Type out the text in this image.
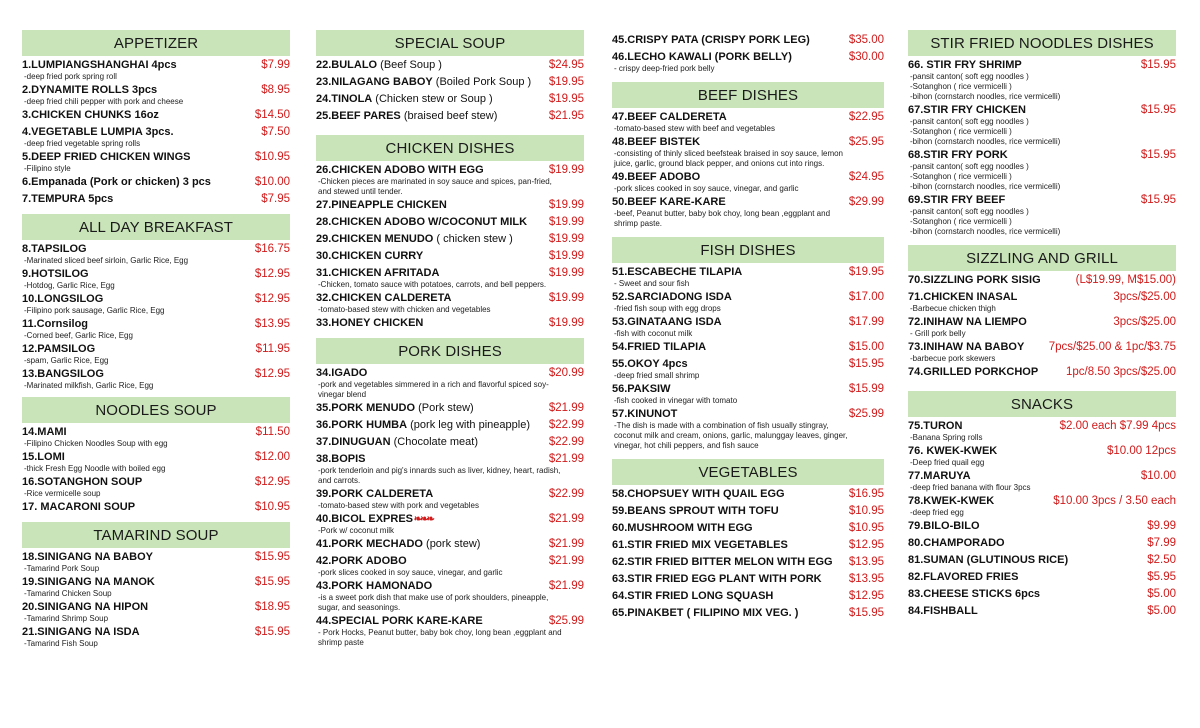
APPETIZER
1.LUMPIANGSHANGHAI 4pcs	$7.99
-deep fried pork spring roll
2.DYNAMITE ROLLS 3pcs	$8.95
-deep fried chili pepper with pork and cheese
3.CHICKEN CHUNKS 16oz	$14.50
4.VEGETABLE LUMPIA 3pcs.	$7.50
-deep fried vegetable spring rolls
5.DEEP FRIED CHICKEN WINGS	$10.95
-Filipino style
6.Empanada (Pork or chicken) 3 pcs	$10.00
7.TEMPURA 5pcs	$7.95
ALL DAY BREAKFAST
8.TAPSILOG	$16.75
-Marinated sliced beef sirloin, Garlic Rice, Egg
9.HOTSILOG	$12.95
-Hotdog, Garlic Rice, Egg
10.LONGSILOG	$12.95
-Filipino pork sausage, Garlic Rice, Egg
11.Cornsilog	$13.95
-Corned beef, Garlic Rice, Egg
12.PAMSILOG	$11.95
-spam, Garlic Rice, Egg
13.BANGSILOG	$12.95
-Marinated milkfish, Garlic Rice, Egg
NOODLES SOUP
14.MAMI	$11.50
-Filipino Chicken Noodles Soup with egg
15.LOMI	$12.00
-thick Fresh Egg Noodle with boiled egg
16.SOTANGHON SOUP	$12.95
-Rice vermicelle soup
17. MACARONI SOUP	$10.95
TAMARIND SOUP
18.SINIGANG NA BABOY	$15.95
-Tamarind Pork Soup
19.SINIGANG NA MANOK	$15.95
-Tamarind Chicken Soup
20.SINIGANG NA HIPON	$18.95
-Tamarind Shrimp Soup
21.SINIGANG NA ISDA	$15.95
-Tamarind Fish Soup
SPECIAL SOUP
22.BULALO (Beef Soup )	$24.95
23.NILAGANG BABOY (Boiled Pork Soup ) $19.95
24.TINOLA (Chicken stew or Soup )	$19.95
25.BEEF PARES (braised beef stew)	$21.95
CHICKEN DISHES
26.CHICKEN ADOBO WITH EGG	$19.99
-Chicken pieces are marinated in soy sauce and spices, pan-fried,
and stewed until tender.
27.PINEAPPLE CHICKEN	$19.99
28.CHICKEN ADOBO W/COCONUT MILK $19.99
29.CHICKEN MENUDO ( chicken stew )	$19.99
30.CHICKEN CURRY	$19.99
31.CHICKEN AFRITADA	$19.99
-Chicken, tomato sauce with potatoes, carrots, and bell peppers.
32.CHICKEN CALDERETA	$19.99
-tomato-based stew with chicken and vegetables
33.HONEY CHICKEN	$19.99
PORK DISHES
34.IGADO	$20.99
-pork and vegetables simmered in a rich and flavorful spiced soy-
vinegar blend
35.PORK MENUDO (Pork stew)	$21.99
36.PORK HUMBA (pork leg with pineapple) $22.99
37.DINUGUAN (Chocolate meat)	$22.99
38.BOPIS	$21.99
-pork tenderloin and pig's innards such as liver, kidney, heart, radish,
and carrots.
39.PORK CALDERETA	$22.99
-tomato-based stew with pork and vegetables
40.BICOL EXPRES ❧❧❧	$21.99
-Pork w/ coconut milk
41.PORK MECHADO (pork stew)	$21.99
42.PORK ADOBO	$21.99
-pork slices cooked in soy sauce, vinegar, and garlic
43.PORK HAMONADO	$21.99
-is a sweet pork dish that make use of pork shoulders, pineapple,
sugar, and seasonings.
44.SPECIAL PORK KARE-KARE	$25.99
- Pork Hocks, Peanut butter, baby bok choy, long bean ,eggplant and
shrimp paste
45.CRISPY PATA (CRISPY PORK LEG)	$35.00
46.LECHO KAWALI (PORK BELLY)	$30.00
- crispy deep-fried pork belly
BEEF DISHES
47.BEEF CALDERETA	$22.95
-tomato-based stew with beef and vegetables
48.BEEF BISTEK	$25.95
-consisting of thinly sliced beefsteak braised in soy sauce, lemon
juice, garlic, ground black pepper, and onions cut into rings.
49.BEEF ADOBO	$24.95
-pork slices cooked in soy sauce, vinegar, and garlic
50.BEEF KARE-KARE	$29.99
-beef, Peanut butter, baby bok choy, long bean ,eggplant and
shrimp paste.
FISH DISHES
51.ESCABECHE TILAPIA	$19.95
- Sweet and sour fish
52.SARCIADONG ISDA	$17.00
-fried fish soup with egg drops
53.GINATAANG ISDA	$17.99
-fish with coconut milk
54.FRIED TILAPIA	$15.00
55.OKOY 4pcs	$15.95
-deep fried small shrimp
56.PAKSIW	$15.99
-fish cooked in vinegar with tomato
57.KINUNOT	$25.99
-The dish is made with a combination of fish usually stingray,
coconut milk and cream, onions, garlic, malunggay leaves, ginger,
vinegar, hot chili peppers, and fish sauce
VEGETABLES
58.CHOPSUEY WITH QUAIL EGG	$16.95
59.BEANS SPROUT WITH TOFU	$10.95
60.MUSHROOM WITH EGG	$10.95
61.STIR FRIED MIX VEGETABLES	$12.95
62.STIR FRIED BITTER MELON WITH EGG $13.95
63.STIR FRIED EGG PLANT WITH PORK $13.95
64.STIR FRIED LONG SQUASH	$12.95
65.PINAKBET ( FILIPINO MIX VEG. )	$15.95
STIR FRIED NOODLES DISHES
66. STIR FRY SHRIMP	$15.95
-pansit canton( soft egg noodles )
-Sotanghon ( rice vermicelli )
-bihon (cornstarch noodles, rice vermicelli)
67.STIR FRY CHICKEN	$15.95
-pansit canton( soft egg noodles )
-Sotanghon ( rice vermicelli )
-bihon (cornstarch noodles, rice vermicelli)
68.STIR FRY PORK	$15.95
-pansit canton( soft egg noodles )
-Sotanghon ( rice vermicelli )
-bihon (cornstarch noodles, rice vermicelli)
69.STIR FRY BEEF	$15.95
-pansit canton( soft egg noodles )
-Sotanghon ( rice vermicelli )
-bihon (cornstarch noodles, rice vermicelli)
SIZZLING AND GRILL
70.SIZZLING PORK SISIG	(L$19.99, M$15.00)
71.CHICKEN INASAL	3pcs/$25.00
-Barbecue chicken thigh
72.INIHAW NA LIEMPO	3pcs/$25.00
- Grill pork belly
73.INIHAW NA BABOY 7pcs/$25.00 & 1pc/$3.75
-barbecue pork skewers
74.GRILLED PORKCHOP 1pc/8.50 3pcs/$25.00
SNACKS
75.TURON	$2.00 each $7.99 4pcs
-Banana Spring rolls
76. KWEK-KWEK	$10.00 12pcs
-Deep fried quail egg
77.MARUYA	$10.00
-deep fried banana with flour 3pcs
78.KWEK-KWEK	$10.00 3pcs / 3.50 each
-deep fried egg
79.BILO-BILO	$9.99
80.CHAMPORADO	$7.99
81.SUMAN (GLUTINOUS RICE)	$2.50
82.FLAVORED FRIES	$5.95
83.CHEESE STICKS 6pcs	$5.00
84.FISHBALL	$5.00
